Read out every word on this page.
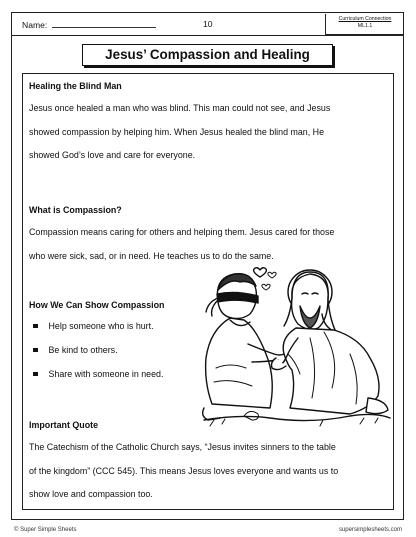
Name:	10	Curriculum Connection
ML1.1
Jesus’ Compassion and Healing
Healing the Blind Man
Jesus once healed a man who was blind. This man could not see, and Jesus
showed compassion by helping him. When Jesus healed the blind man, He
showed God’s love and care for everyone.
What is Compassion?
Compassion means caring for others and helping them. Jesus cared for those
who were sick, sad, or in need. He teaches us to do the same.
How We Can Show Compassion
Help someone who is hurt.
Be kind to others.
Share with someone in need.
Important Quote
The Catechism of the Catholic Church says, “Jesus invites sinners to the table
of the kingdom” (CCC 545). This means Jesus loves everyone and wants us to
show love and compassion too.
© Super Simple Sheets	supersimplesheets.com
